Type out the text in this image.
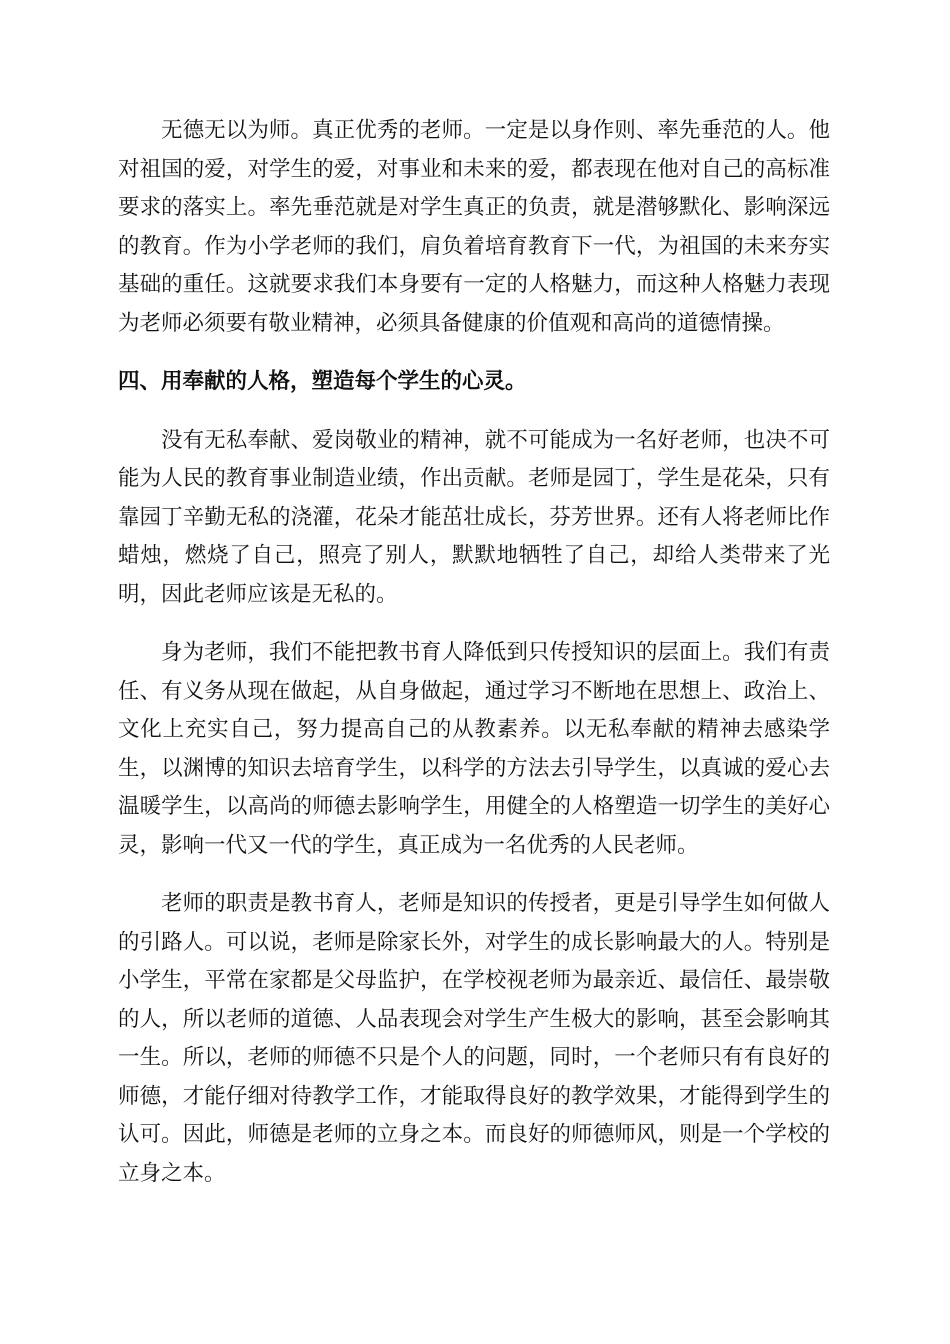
无德无以为师。真正优秀的老师。一定是以身作则、率先垂范的人。他对祖国的爱，对学生的爱，对事业和未来的爱，都表现在他对自己的高标准要求的落实上。率先垂范就是对学生真正的负责，就是潜够默化、影响深远的教育。作为小学老师的我们，肩负着培育教育下一代，为祖国的未来夯实基础的重任。这就要求我们本身要有一定的人格魅力，而这种人格魅力表现为老师必须要有敬业精神，必须具备健康的价值观和高尚的道德情操。

四、用奉献的人格，塑造每个学生的心灵。

没有无私奉献、爱岗敬业的精神，就不可能成为一名好老师，也决不可能为人民的教育事业制造业绩，作出贡献。老师是园丁，学生是花朵，只有靠园丁辛勤无私的浇灌，花朵才能茁壮成长，芬芳世界。还有人将老师比作蜡烛，燃烧了自己，照亮了别人，默默地牺牲了自己，却给人类带来了光明，因此老师应该是无私的。

身为老师，我们不能把教书育人降低到只传授知识的层面上。我们有责任、有义务从现在做起，从自身做起，通过学习不断地在思想上、政治上、文化上充实自己，努力提高自己的从教素养。以无私奉献的精神去感染学生，以渊博的知识去培育学生，以科学的方法去引导学生，以真诚的爱心去温暖学生，以高尚的师德去影响学生，用健全的人格塑造一切学生的美好心灵，影响一代又一代的学生，真正成为一名优秀的人民老师。

老师的职责是教书育人，老师是知识的传授者，更是引导学生如何做人的引路人。可以说，老师是除家长外，对学生的成长影响最大的人。特别是小学生，平常在家都是父母监护，在学校视老师为最亲近、最信任、最崇敬的人，所以老师的道德、人品表现会对学生产生极大的影响，甚至会影响其一生。所以，老师的师德不只是个人的问题，同时，一个老师只有有良好的师德，才能仔细对待教学工作，才能取得良好的教学效果，才能得到学生的认可。因此，师德是老师的立身之本。而良好的师德师风，则是一个学校的立身之本。
